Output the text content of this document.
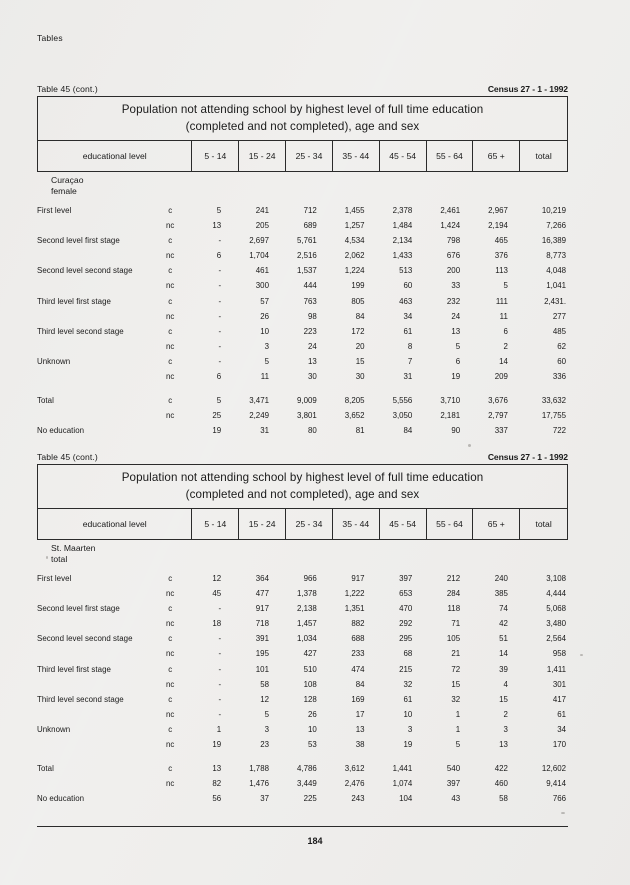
Tables
Table 45 (cont.)	Census 27 - 1 - 1992
Population not attending school by highest level of full time education
(completed and not completed), age and sex
educational level	5 - 14	15 - 24	25 - 34	35 - 44	45 - 54	55 - 64	65 +	total
Curaçao
female
First level	c	5	241	712	1,455	2,378	2,461	2,967	10,219
nc	13	205	689	1,257	1,484	1,424	2,194	7,266
Second level first stage	c	-	2,697	5,761	4,534	2,134	798	465	16,389
nc	6	1,704	2,516	2,062	1,433	676	376	8,773
Second level second stage	c	-	461	1,537	1,224	513	200	113	4,048
nc	-	300	444	199	60	33	5	1,041
Third level first stage	c	-	57	763	805	463	232	111	2,431.
nc	-	26	98	84	34	24	11	277
Third level second stage	c	-	10	223	172	61	13	6	485
nc	-	3	24	20	8	5	2	62
Unknown	c	-	5	13	15	7	6	14	60
nc	6	11	30	30	31	19	209	336
Total	c	5	3,471	9,009	8,205	5,556	3,710	3,676	33,632
nc	25	2,249	3,801	3,652	3,050	2,181	2,797	17,755
No education	19	31	80	81	84	90	337	722
Table 45 (cont.)	Census 27 - 1 - 1992
Population not attending school by highest level of full time education
(completed and not completed), age and sex
educational level	5 - 14	15 - 24	25 - 34	35 - 44	45 - 54	55 - 64	65 +	total
St. Maarten
total
First level	c	12	364	966	917	397	212	240	3,108
nc	45	477	1,378	1,222	653	284	385	4,444
Second level first stage	c	-	917	2,138	1,351	470	118	74	5,068
nc	18	718	1,457	882	292	71	42	3,480
Second level second stage	c	-	391	1,034	688	295	105	51	2,564
nc	-	195	427	233	68	21	14	958
Third level first stage	c	-	101	510	474	215	72	39	1,411
nc	-	58	108	84	32	15	4	301
Third level second stage	c	-	12	128	169	61	32	15	417
nc	-	5	26	17	10	1	2	61
Unknown	c	1	3	10	13	3	1	3	34
nc	19	23	53	38	19	5	13	170
Total	c	13	1,788	4,786	3,612	1,441	540	422	12,602
nc	82	1,476	3,449	2,476	1,074	397	460	9,414
No education	56	37	225	243	104	43	58	766
184
